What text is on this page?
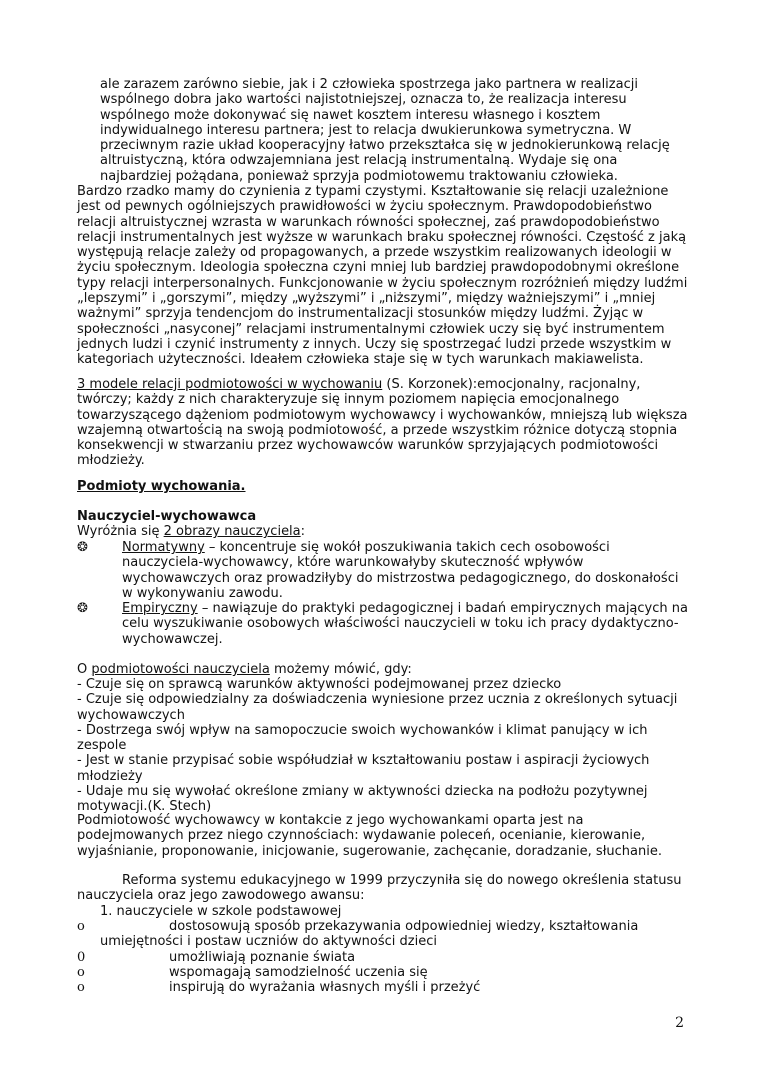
ale zarazem zarówno siebie, jak i 2 człowieka spostrzega jako partnera w realizacji wspólnego dobra jako wartości najistotniejszej, oznacza to, że realizacja interesu wspólnego może dokonywać się nawet kosztem interesu własnego i kosztem indywidualnego interesu partnera; jest to relacja dwukierunkowa symetryczna. W przeciwnym razie układ kooperacyjny łatwo przekształca się w jednokierunkową relację altruistyczną, która odwzajemniana jest relacją instrumentalną. Wydaje się ona najbardziej pożądana, ponieważ sprzyja podmiotowemu traktowaniu człowieka.

Bardzo rzadko mamy do czynienia z typami czystymi. Kształtowanie się relacji uzależnione jest od pewnych ogólniejszych prawidłowości w życiu społecznym. Prawdopodobieństwo relacji altruistycznej wzrasta w warunkach równości społecznej, zaś prawdopodobieństwo relacji instrumentalnych jest wyższe w warunkach braku społecznej równości. Częstość z jaką występują relacje zależy od propagowanych, a przede wszystkim realizowanych ideologii w życiu społecznym. Ideologia społeczna czyni mniej lub bardziej prawdopodobnymi określone typy relacji interpersonalnych. Funkcjonowanie w życiu społecznym rozróżnień między ludźmi „lepszymi” i „gorszymi”, między „wyższymi” i „niższymi”, między ważniejszymi” i „mniej ważnymi” sprzyja tendencjom do instrumentalizacji stosunków między ludźmi. Żyjąc w społeczności „nasyconej” relacjami instrumentalnymi człowiek uczy się być instrumentem jednych ludzi i czynić instrumenty z innych. Uczy się spostrzegać ludzi przede wszystkim w kategoriach użyteczności. Ideałem człowieka staje się w tych warunkach makiawelista.

3 modele relacji podmiotowości w wychowaniu (S. Korzonek):emocjonalny, racjonalny, twórczy; każdy z nich charakteryzuje się innym poziomem napięcia emocjonalnego towarzyszącego dążeniom podmiotowym wychowawcy i wychowanków, mniejszą lub większa wzajemną otwartością na swoją podmiotowość, a przede wszystkim różnice dotyczą stopnia konsekwencji w stwarzaniu przez wychowawców warunków sprzyjających podmiotowości młodzieży.

Podmioty wychowania.

Nauczyciel-wychowawca

Wyróżnia się 2 obrazy nauczyciela:

❂	Normatywny – koncentruje się wokół poszukiwania takich cech osobowości nauczyciela-wychowawcy, które warunkowałyby skuteczność wpływów wychowawczych oraz prowadziłyby do mistrzostwa pedagogicznego, do doskonałości w wykonywaniu zawodu.

❂	Empiryczny – nawiązuje do praktyki pedagogicznej i badań empirycznych mających na celu wyszukiwanie osobowych właściwości nauczycieli w toku ich pracy dydaktyczno-wychowawczej.

O podmiotowości nauczyciela możemy mówić, gdy:

- Czuje się on sprawcą warunków aktywności podejmowanej przez dziecko

- Czuje się odpowiedzialny za doświadczenia wyniesione przez ucznia z określonych sytuacji wychowawczych

- Dostrzega swój wpływ na samopoczucie swoich wychowanków i klimat panujący w ich zespole

- Jest w stanie przypisać sobie współudział w kształtowaniu postaw i aspiracji życiowych młodzieży

- Udaje mu się wywołać określone zmiany w aktywności dziecka na podłożu pozytywnej motywacji.(K. Stech)

Podmiotowość wychowawcy w kontakcie z jego wychowankami oparta jest na podejmowanych przez niego czynnościach: wydawanie poleceń, ocenianie, kierowanie, wyjaśnianie, proponowanie, inicjowanie, sugerowanie, zachęcanie, doradzanie, słuchanie.

Reforma systemu edukacyjnego w 1999 przyczyniła się do nowego określenia statusu nauczyciela oraz jego zawodowego awansu:

1. nauczyciele w szkole podstawowej

o	dostosowują sposób przekazywania odpowiedniej wiedzy, kształtowania
umiejętności i postaw uczniów do aktywności dzieci
0	umożliwiają poznanie świata
o	wspomagają samodzielność uczenia się
o	inspirują do wyrażania własnych myśli i przeżyć
2
